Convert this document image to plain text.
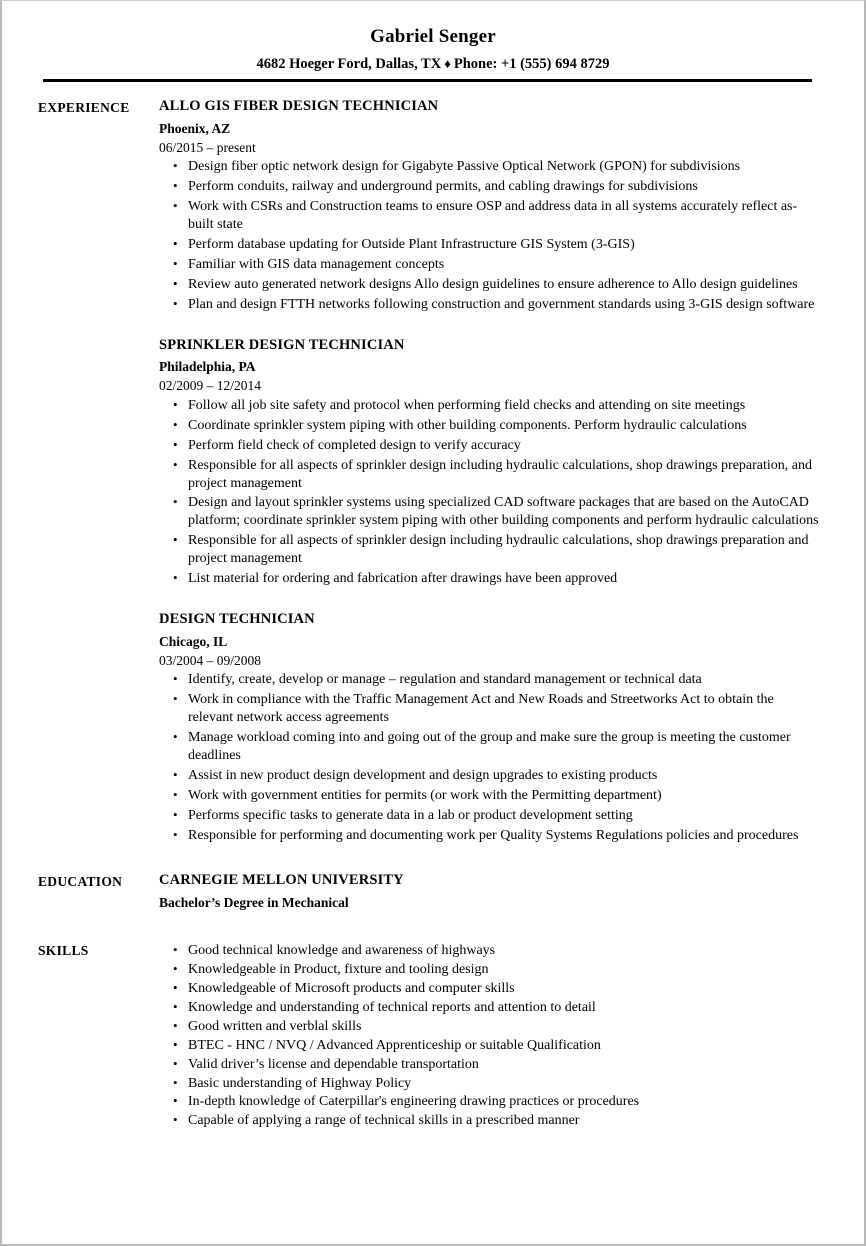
Gabriel Senger
4682 Hoeger Ford, Dallas, TX ♦ Phone: +1 (555) 694 8729
EXPERIENCE	ALLO GIS FIBER DESIGN TECHNICIAN
Phoenix, AZ
06/2015 – present
• Design fiber optic network design for Gigabyte Passive Optical Network (GPON) for subdivisions
• Perform conduits, railway and underground permits, and cabling drawings for subdivisions
• Work with CSRs and Construction teams to ensure OSP and address data in all systems accurately reflect as-built state
• Perform database updating for Outside Plant Infrastructure GIS System (3-GIS)
• Familiar with GIS data management concepts
• Review auto generated network designs Allo design guidelines to ensure adherence to Allo design guidelines
• Plan and design FTTH networks following construction and government standards using 3-GIS design software
SPRINKLER DESIGN TECHNICIAN
Philadelphia, PA
02/2009 – 12/2014
• Follow all job site safety and protocol when performing field checks and attending on site meetings
• Coordinate sprinkler system piping with other building components. Perform hydraulic calculations
• Perform field check of completed design to verify accuracy
• Responsible for all aspects of sprinkler design including hydraulic calculations, shop drawings preparation, and project management
• Design and layout sprinkler systems using specialized CAD software packages that are based on the AutoCAD platform; coordinate sprinkler system piping with other building components and perform hydraulic calculations
• Responsible for all aspects of sprinkler design including hydraulic calculations, shop drawings preparation and project management
• List material for ordering and fabrication after drawings have been approved
DESIGN TECHNICIAN
Chicago, IL
03/2004 – 09/2008
• Identify, create, develop or manage – regulation and standard management or technical data
• Work in compliance with the Traffic Management Act and New Roads and Streetworks Act to obtain the relevant network access agreements
• Manage workload coming into and going out of the group and make sure the group is meeting the customer deadlines
• Assist in new product design development and design upgrades to existing products
• Work with government entities for permits (or work with the Permitting department)
• Performs specific tasks to generate data in a lab or product development setting
• Responsible for performing and documenting work per Quality Systems Regulations policies and procedures
EDUCATION	CARNEGIE MELLON UNIVERSITY
Bachelor’s Degree in Mechanical
SKILLS	• Good technical knowledge and awareness of highways
• Knowledgeable in Product, fixture and tooling design
• Knowledgeable of Microsoft products and computer skills
• Knowledge and understanding of technical reports and attention to detail
• Good written and verblal skills
• BTEC - HNC / NVQ / Advanced Apprenticeship or suitable Qualification
• Valid driver’s license and dependable transportation
• Basic understanding of Highway Policy
• In-depth knowledge of Caterpillar's engineering drawing practices or procedures
• Capable of applying a range of technical skills in a prescribed manner
